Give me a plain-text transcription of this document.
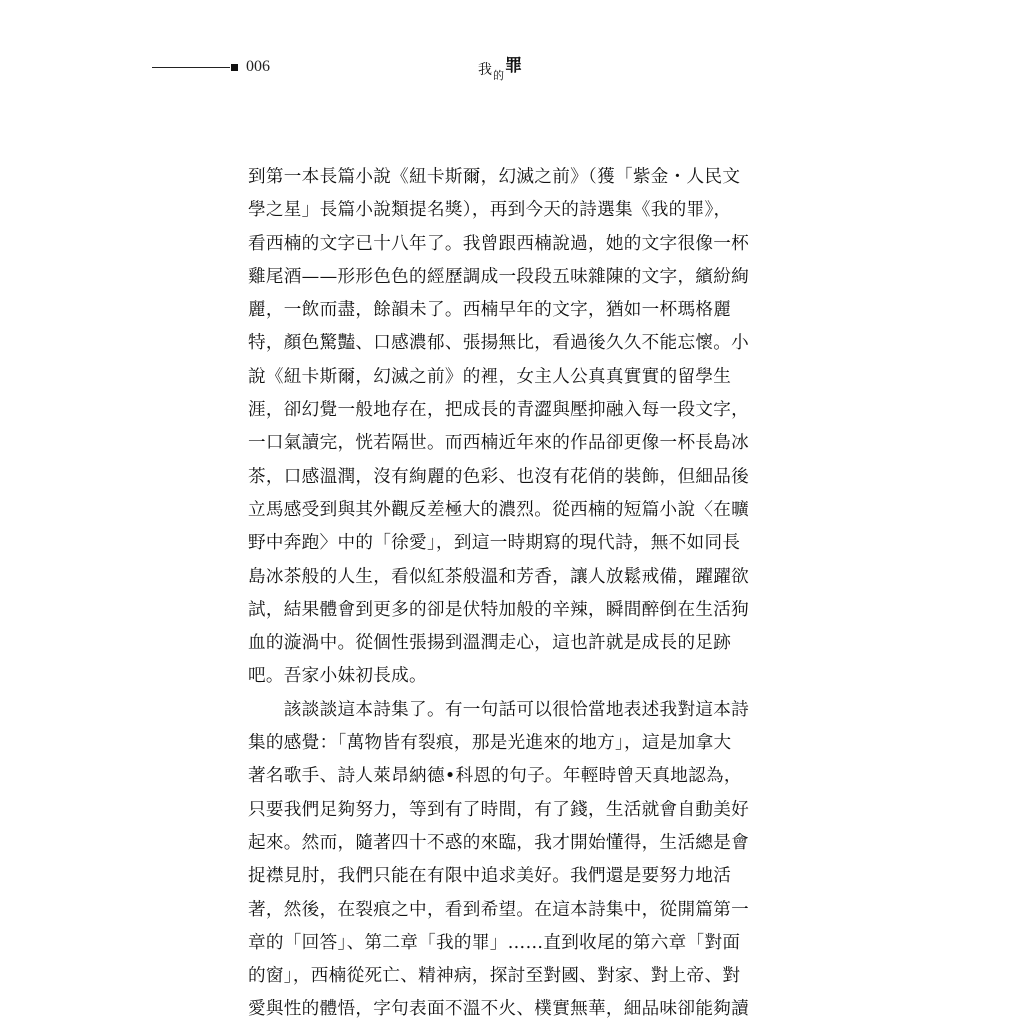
006	我 的 罪
到第一本長篇小說《紐卡斯爾，幻滅之前》（獲「紫金・人民文
學之星」長篇小說類提名獎），再到今天的詩選集《我的罪》，
看西楠的文字已十八年了。我曾跟西楠說過，她的文字很像一杯
雞尾酒——形形色色的經歷調成一段段五味雜陳的文字，繽紛絢
麗，一飲而盡，餘韻未了。西楠早年的文字，猶如一杯瑪格麗
特，顏色驚豔、口感濃郁、張揚無比，看過後久久不能忘懷。小
說《紐卡斯爾，幻滅之前》的裡，女主人公真真實實的留學生
涯，卻幻覺一般地存在，把成長的青澀與壓抑融入每一段文字，
一口氣讀完，恍若隔世。而西楠近年來的作品卻更像一杯長島冰
茶，口感溫潤，沒有絢麗的色彩、也沒有花俏的裝飾，但細品後
立馬感受到與其外觀反差極大的濃烈。從西楠的短篇小說〈在曠
野中奔跑〉中的「徐愛」，到這一時期寫的現代詩，無不如同長
島冰茶般的人生，看似紅茶般溫和芳香，讓人放鬆戒備，躍躍欲
試，結果體會到更多的卻是伏特加般的辛辣，瞬間醉倒在生活狗
血的漩渦中。從個性張揚到溫潤走心，這也許就是成長的足跡
吧。吾家小妹初長成。
　　該談談這本詩集了。有一句話可以很恰當地表述我對這本詩
集的感覺：「萬物皆有裂痕，那是光進來的地方」，這是加拿大
著名歌手、詩人萊昂納德•科恩的句子。年輕時曾天真地認為，
只要我們足夠努力，等到有了時間，有了錢，生活就會自動美好
起來。然而，隨著四十不惑的來臨，我才開始懂得，生活總是會
捉襟見肘，我們只能在有限中追求美好。我們還是要努力地活
著，然後，在裂痕之中，看到希望。在這本詩集中，從開篇第一
章的「回答」、第二章「我的罪」……直到收尾的第六章「對面
的窗」，西楠從死亡、精神病，探討至對國、對家、對上帝、對
愛與性的體悟，字句表面不溫不火、樸實無華，細品味卻能夠讀
